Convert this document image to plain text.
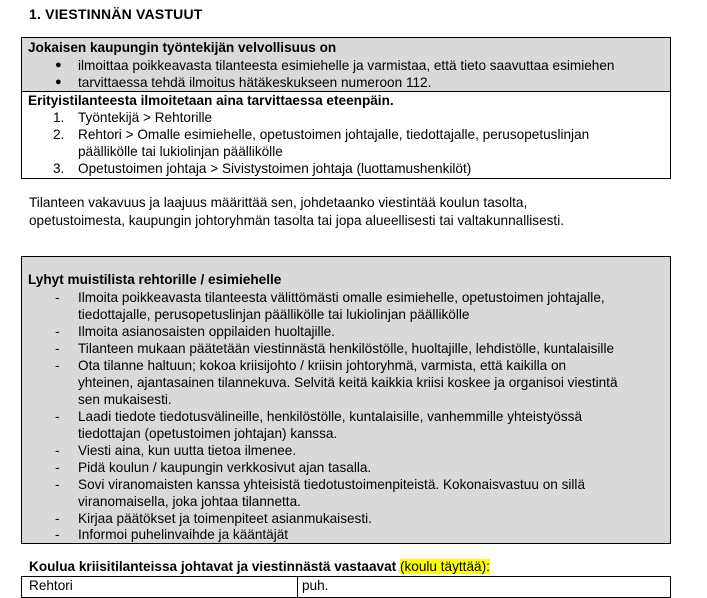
1. VIESTINNÄN VASTUUT
Jokaisen kaupungin työntekijän velvollisuus on
● ilmoittaa poikkeavasta tilanteesta esimiehelle ja varmistaa, että tieto saavuttaa esimiehen
● tarvittaessa tehdä ilmoitus hätäkeskukseen numeroon 112.
Erityistilanteesta ilmoitetaan aina tarvittaessa eteenpäin.
1. Työntekijä > Rehtorille
2. Rehtori > Omalle esimiehelle, opetustoimen johtajalle, tiedottajalle, perusopetuslinjan
päällikölle tai lukiolinjan päällikölle
3. Opetustoimen johtaja > Sivistystoimen johtaja (luottamushenkilöt)
Tilanteen vakavuus ja laajuus määrittää sen, johdetaanko viestintää koulun tasolta,
opetustoimesta, kaupungin johtoryhmän tasolta tai jopa alueellisesti tai valtakunnallisesti.
Lyhyt muistilista rehtorille / esimiehelle
- Ilmoita poikkeavasta tilanteesta välittömästi omalle esimiehelle, opetustoimen johtajalle,
tiedottajalle, perusopetuslinjan päällikölle tai lukiolinjan päällikölle
- Ilmoita asianosaisten oppilaiden huoltajille.
- Tilanteen mukaan päätetään viestinnästä henkilöstölle, huoltajille, lehdistölle, kuntalaisille
- Ota tilanne haltuun; kokoa kriisijohto / kriisin johtoryhmä, varmista, että kaikilla on
yhteinen, ajantasainen tilannekuva. Selvitä keitä kaikkia kriisi koskee ja organisoi viestintä
sen mukaisesti.
- Laadi tiedote tiedotusvälineille, henkilöstölle, kuntalaisille, vanhemmille yhteistyössä
tiedottajan (opetustoimen johtajan) kanssa.
- Viesti aina, kun uutta tietoa ilmenee.
- Pidä koulun / kaupungin verkkosivut ajan tasalla.
- Sovi viranomaisten kanssa yhteisistä tiedotustoimenpiteistä. Kokonaisvastuu on sillä
viranomaisella, joka johtaa tilannetta.
- Kirjaa päätökset ja toimenpiteet asianmukaisesti.
- Informoi puhelinvaihde ja kääntäjät
Koulua kriisitilanteissa johtavat ja viestinnästä vastaavat (koulu täyttää):
Rehtori	puh.
